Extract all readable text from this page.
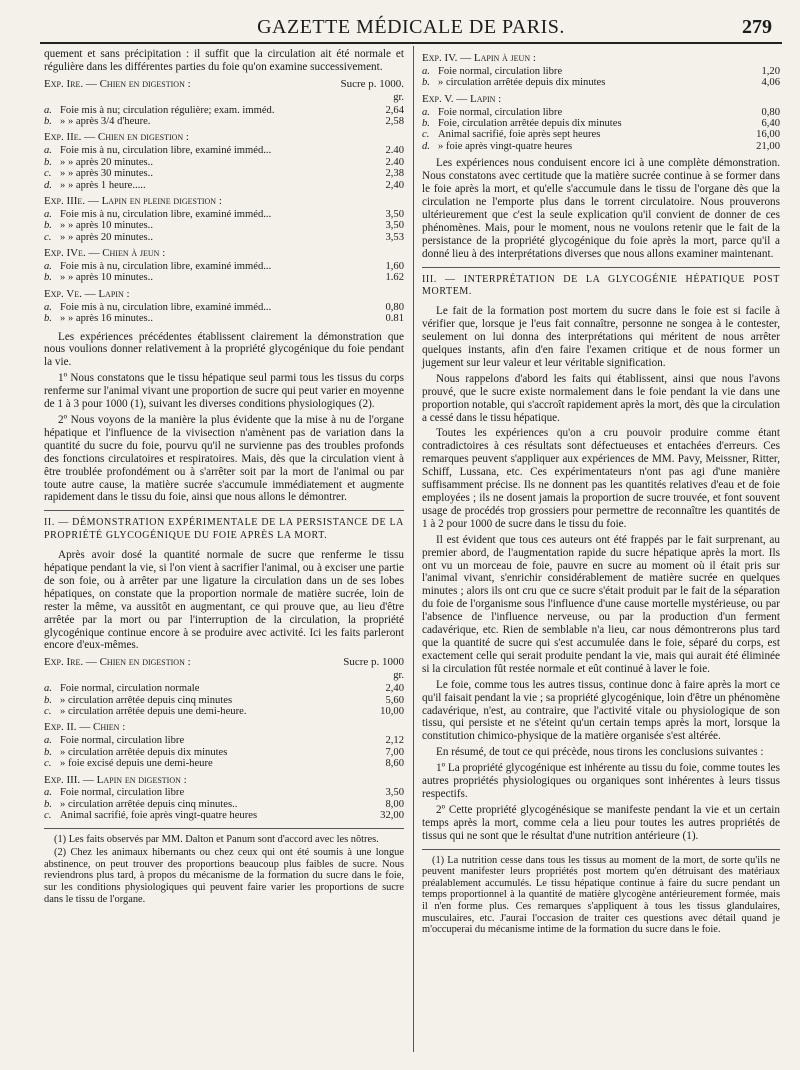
GAZETTE MÉDICALE DE PARIS.	279

quement et sans précipitation : il suffit que la circulation ait été normale et régulière dans les différentes parties du foie qu'on examine successivement.

Exp. Ire. — Chien en digestion :	Sucre p. 1000.
gr.
a.	Foie mis à nu; circulation régulière; exam. imméd.	2,64
b.	» » après 3/4 d'heure.	2,58
Exp. IIe. — Chien en digestion :
a.	Foie mis à nu, circulation libre, examiné imméd...	2.40
b.	» » après 20 minutes..	2.40
c.	» » après 30 minutes..	2,38
d.	» » après 1 heure.....	2,40
Exp. IIIe. — Lapin en pleine digestion :
a.	Foie mis à nu, circulation libre, examiné imméd...	3,50
b.	» » après 10 minutes..	3,50
c.	» » après 20 minutes..	3,53
Exp. IVe. — Chien à jeun :
a.	Foie mis à nu, circulation libre, examiné imméd...	1,60
b.	» » après 10 minutes..	1.62
Exp. Ve. — Lapin :
a.	Foie mis à nu, circulation libre, examiné imméd...	0,80
b.	» » après 16 minutes..	0.81

Les expériences précédentes établissent clairement la démonstration que nous voulions donner relativement à la propriété glycogénique du foie pendant la vie.

1º Nous constatons que le tissu hépatique seul parmi tous les tissus du corps renferme sur l'animal vivant une proportion de sucre qui peut varier en moyenne de 1 à 3 pour 1000 (1), suivant les diverses conditions physiologiques (2).

2º Nous voyons de la manière la plus évidente que la mise à nu de l'organe hépatique et l'influence de la vivisection n'amènent pas de variation dans la quantité du sucre du foie, pourvu qu'il ne survienne pas des troubles profonds des fonctions circulatoires et respiratoires. Mais, dès que la circulation vient à être troublée profondément ou à s'arrêter soit par la mort de l'animal ou par toute autre cause, la matière sucrée s'accumule immédiatement et augmente rapidement dans le tissu du foie, ainsi que nous allons le démontrer.

II. — DÉMONSTRATION EXPÉRIMENTALE DE LA PERSISTANCE DE LA PROPRIÉTÉ GLYCOGÉNIQUE DU FOIE APRÈS LA MORT.

Après avoir dosé la quantité normale de sucre que renferme le tissu hépatique pendant la vie, si l'on vient à sacrifier l'animal, ou à exciser une partie de son foie, ou à arrêter par une ligature la circulation dans un de ses lobes hépatiques, on constate que la proportion normale de matière sucrée, loin de rester la même, va aussitôt en augmentant, ce qui prouve que, au lieu d'être arrêtée par la mort ou par l'interruption de la circulation, la propriété glycogénique continue encore à se produire avec activité. Ici les faits parleront encore d'eux-mêmes.

Exp. Ire. — Chien en digestion :	Sucre p. 1000
gr.
a.	Foie normal, circulation normale	2,40
b.	» circulation arrêtée depuis cinq minutes	5,60
c.	» circulation arrêtée depuis une demi-heure.	10,00
Exp. II. — Chien :
a.	Foie normal, circulation libre	2,12
b.	» circulation arrêtée depuis dix minutes	7,00
c.	» foie excisé depuis une demi-heure	8,60
Exp. III. — Lapin en digestion :
a.	Foie normal, circulation libre	3,50
b.	» circulation arrêtée depuis cinq minutes..	8,00
c.	Animal sacrifié, foie après vingt-quatre heures	32,00

(1) Les faits observés par MM. Dalton et Panum sont d'accord avec les nôtres.

(2) Chez les animaux hibernants ou chez ceux qui ont été soumis à une longue abstinence, on peut trouver des proportions beaucoup plus faibles de sucre. Nous reviendrons plus tard, à propos du mécanisme de la formation du sucre dans le foie, sur les conditions physiologiques qui peuvent faire varier les proportions de sucre dans le tissu de l'organe.

Exp. IV. — Lapin à jeun :
a.	Foie normal, circulation libre	1,20
b.	» circulation arrêtée depuis dix minutes	4,06
Exp. V. — Lapin :
a.	Foie normal, circulation libre	0,80
b.	Foie, circulation arrêtée depuis dix minutes	6,40
c.	Animal sacrifié, foie après sept heures	16,00
d.	» foie après vingt-quatre heures	21,00

Les expériences nous conduisent encore ici à une complète démonstration. Nous constatons avec certitude que la matière sucrée continue à se former dans le foie après la mort, et qu'elle s'accumule dans le tissu de l'organe dès que la circulation ne l'emporte plus dans le torrent circulatoire. Nous prouverons ultérieurement que c'est la seule explication qu'il convient de donner de ces phénomènes. Mais, pour le moment, nous ne voulons retenir que le fait de la persistance de la propriété glycogénique du foie après la mort, parce qu'il a donné lieu à des interprétations diverses que nous allons examiner maintenant.

III. — INTERPRÉTATION DE LA GLYCOGÉNIE HÉPATIQUE POST MORTEM.

Le fait de la formation post mortem du sucre dans le foie est si facile à vérifier que, lorsque je l'eus fait connaître, personne ne songea à le contester, seulement on lui donna des interprétations qui méritent de nous arrêter quelques instants, afin d'en faire l'examen critique et de nous former un jugement sur leur valeur et leur véritable signification.

Nous rappelons d'abord les faits qui établissent, ainsi que nous l'avons prouvé, que le sucre existe normalement dans le foie pendant la vie dans une proportion notable, qui s'accroît rapidement après la mort, dès que la circulation a cessé dans le tissu hépatique.

Toutes les expériences qu'on a cru pouvoir produire comme étant contradictoires à ces résultats sont défectueuses et entachées d'erreurs. Ces remarques peuvent s'appliquer aux expériences de MM. Pavy, Meissner, Ritter, Schiff, Lussana, etc. Ces expérimentateurs n'ont pas agi d'une manière suffisamment précise. Ils ne donnent pas les quantités relatives d'eau et de foie employées ; ils ne dosent jamais la proportion de sucre trouvée, et font souvent usage de procédés trop grossiers pour permettre de reconnaître les quantités de 1 à 2 pour 1000 de sucre dans le tissu du foie.

Il est évident que tous ces auteurs ont été frappés par le fait surprenant, au premier abord, de l'augmentation rapide du sucre hépatique après la mort. Ils ont vu un morceau de foie, pauvre en sucre au moment où il était pris sur l'animal vivant, s'enrichir considérablement de matière sucrée en quelques minutes ; alors ils ont cru que ce sucre s'était produit par le fait de la séparation du foie de l'organisme sous l'influence d'une cause mortelle mystérieuse, ou par l'absence de l'influence nerveuse, ou par la production d'un ferment cadavérique, etc. Rien de semblable n'a lieu, car nous démontrerons plus tard que la quantité de sucre qui s'est accumulée dans le foie, séparé du corps, est exactement celle qui serait produite pendant la vie, mais qui aurait été éliminée si la circulation fût restée normale et eût continué à laver le foie.

Le foie, comme tous les autres tissus, continue donc à faire après la mort ce qu'il faisait pendant la vie ; sa propriété glycogénique, loin d'être un phénomène cadavérique, n'est, au contraire, que l'activité vitale ou physiologique de son tissu, qui persiste et ne s'éteint qu'un certain temps après la mort, lorsque la constitution chimico-physique de la matière organisée s'est altérée.

En résumé, de tout ce qui précède, nous tirons les conclusions suivantes :

1º La propriété glycogénique est inhérente au tissu du foie, comme toutes les autres propriétés physiologiques ou organiques sont inhérentes à leurs tissus respectifs.

2º Cette propriété glycogénésique se manifeste pendant la vie et un certain temps après la mort, comme cela a lieu pour toutes les autres propriétés de tissus qui ne sont que le résultat d'une nutrition antérieure (1).

(1) La nutrition cesse dans tous les tissus au moment de la mort, de sorte qu'ils ne peuvent manifester leurs propriétés post mortem qu'en détruisant des matériaux préalablement accumulés. Le tissu hépatique continue à faire du sucre pendant un temps proportionnel à la quantité de matière glycogène antérieurement formée, mais il n'en forme plus. Ces remarques s'appliquent à tous les tissus glandulaires, musculaires, etc. J'aurai l'occasion de traiter ces questions avec détail quand je m'occuperai du mécanisme intime de la formation du sucre dans le foie.
